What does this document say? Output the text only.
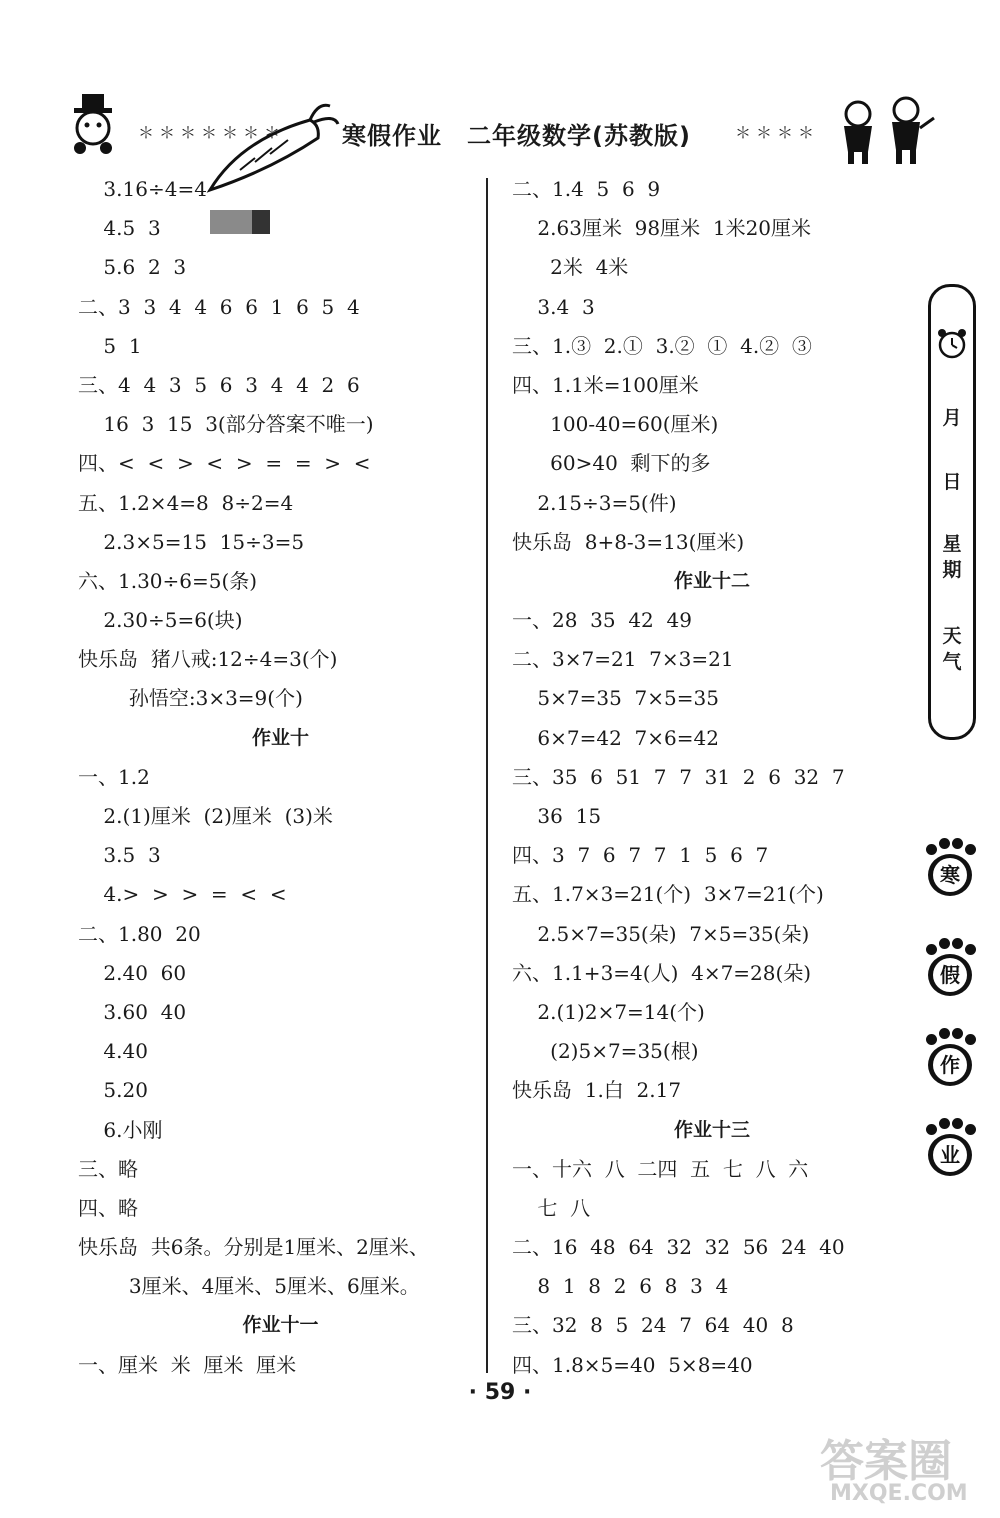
＊＊＊＊＊＊＊ 寒假作业　二年级数学(苏教版)	＊＊＊＊
3.16÷4=4
4.5  3
5.6  2  3
二、3  3  4  4  6  6  1  6  5  4
5  1
三、4  4  3  5  6  3  4  4  2  6
16  3  15  3(部分答案不唯一)
四、<  <  >  <  >  =  =  >  <
五、1.2×4=8  8÷2=4
2.3×5=15  15÷3=5
六、1.30÷6=5(条)
2.30÷5=6(块)
快乐岛  猪八戒:12÷4=3(个)
孙悟空:3×3=9(个)
作业十
一、1.2
2.(1)厘米  (2)厘米  (3)米
3.5  3
4.>  >  >  =  <  <
二、1.80  20
2.40  60
3.60  40
4.40
5.20
6.小刚
三、略
四、略
快乐岛  共6条。分别是1厘米、2厘米、
3厘米、4厘米、5厘米、6厘米。
作业十一
一、厘米  米  厘米  厘米
二、1.4  5  6  9
2.63厘米  98厘米  1米20厘米
2米  4米
3.4  3
三、1.③  2.①  3.②  ①  4.②  ③
四、1.1米=100厘米
100-40=60(厘米)
60>40  剩下的多
2.15÷3=5(件)
快乐岛  8+8-3=13(厘米)
作业十二
一、28  35  42  49
二、3×7=21  7×3=21
5×7=35  7×5=35
6×7=42  7×6=42
三、35  6  51  7  7  31  2  6  32  7
36  15
四、3  7  6  7  7  1  5  6  7
五、1.7×3=21(个)  3×7=21(个)
2.5×7=35(朵)  7×5=35(朵)
六、1.1+3=4(人)  4×7=28(朵)
2.(1)2×7=14(个)
(2)5×7=35(根)
快乐岛  1.白  2.17
作业十三
一、十六  八  二四  五  七  八  六
七  八
二、16  48  64  32  32  56  24  40
8  1  8  2  6  8  3  4
三、32  8  5  24  7  64  40  8
四、1.8×5=40  5×8=40
月
日
星期
天气
寒
假
作
业
· 59 ·
答案圈
MXQE.COM
